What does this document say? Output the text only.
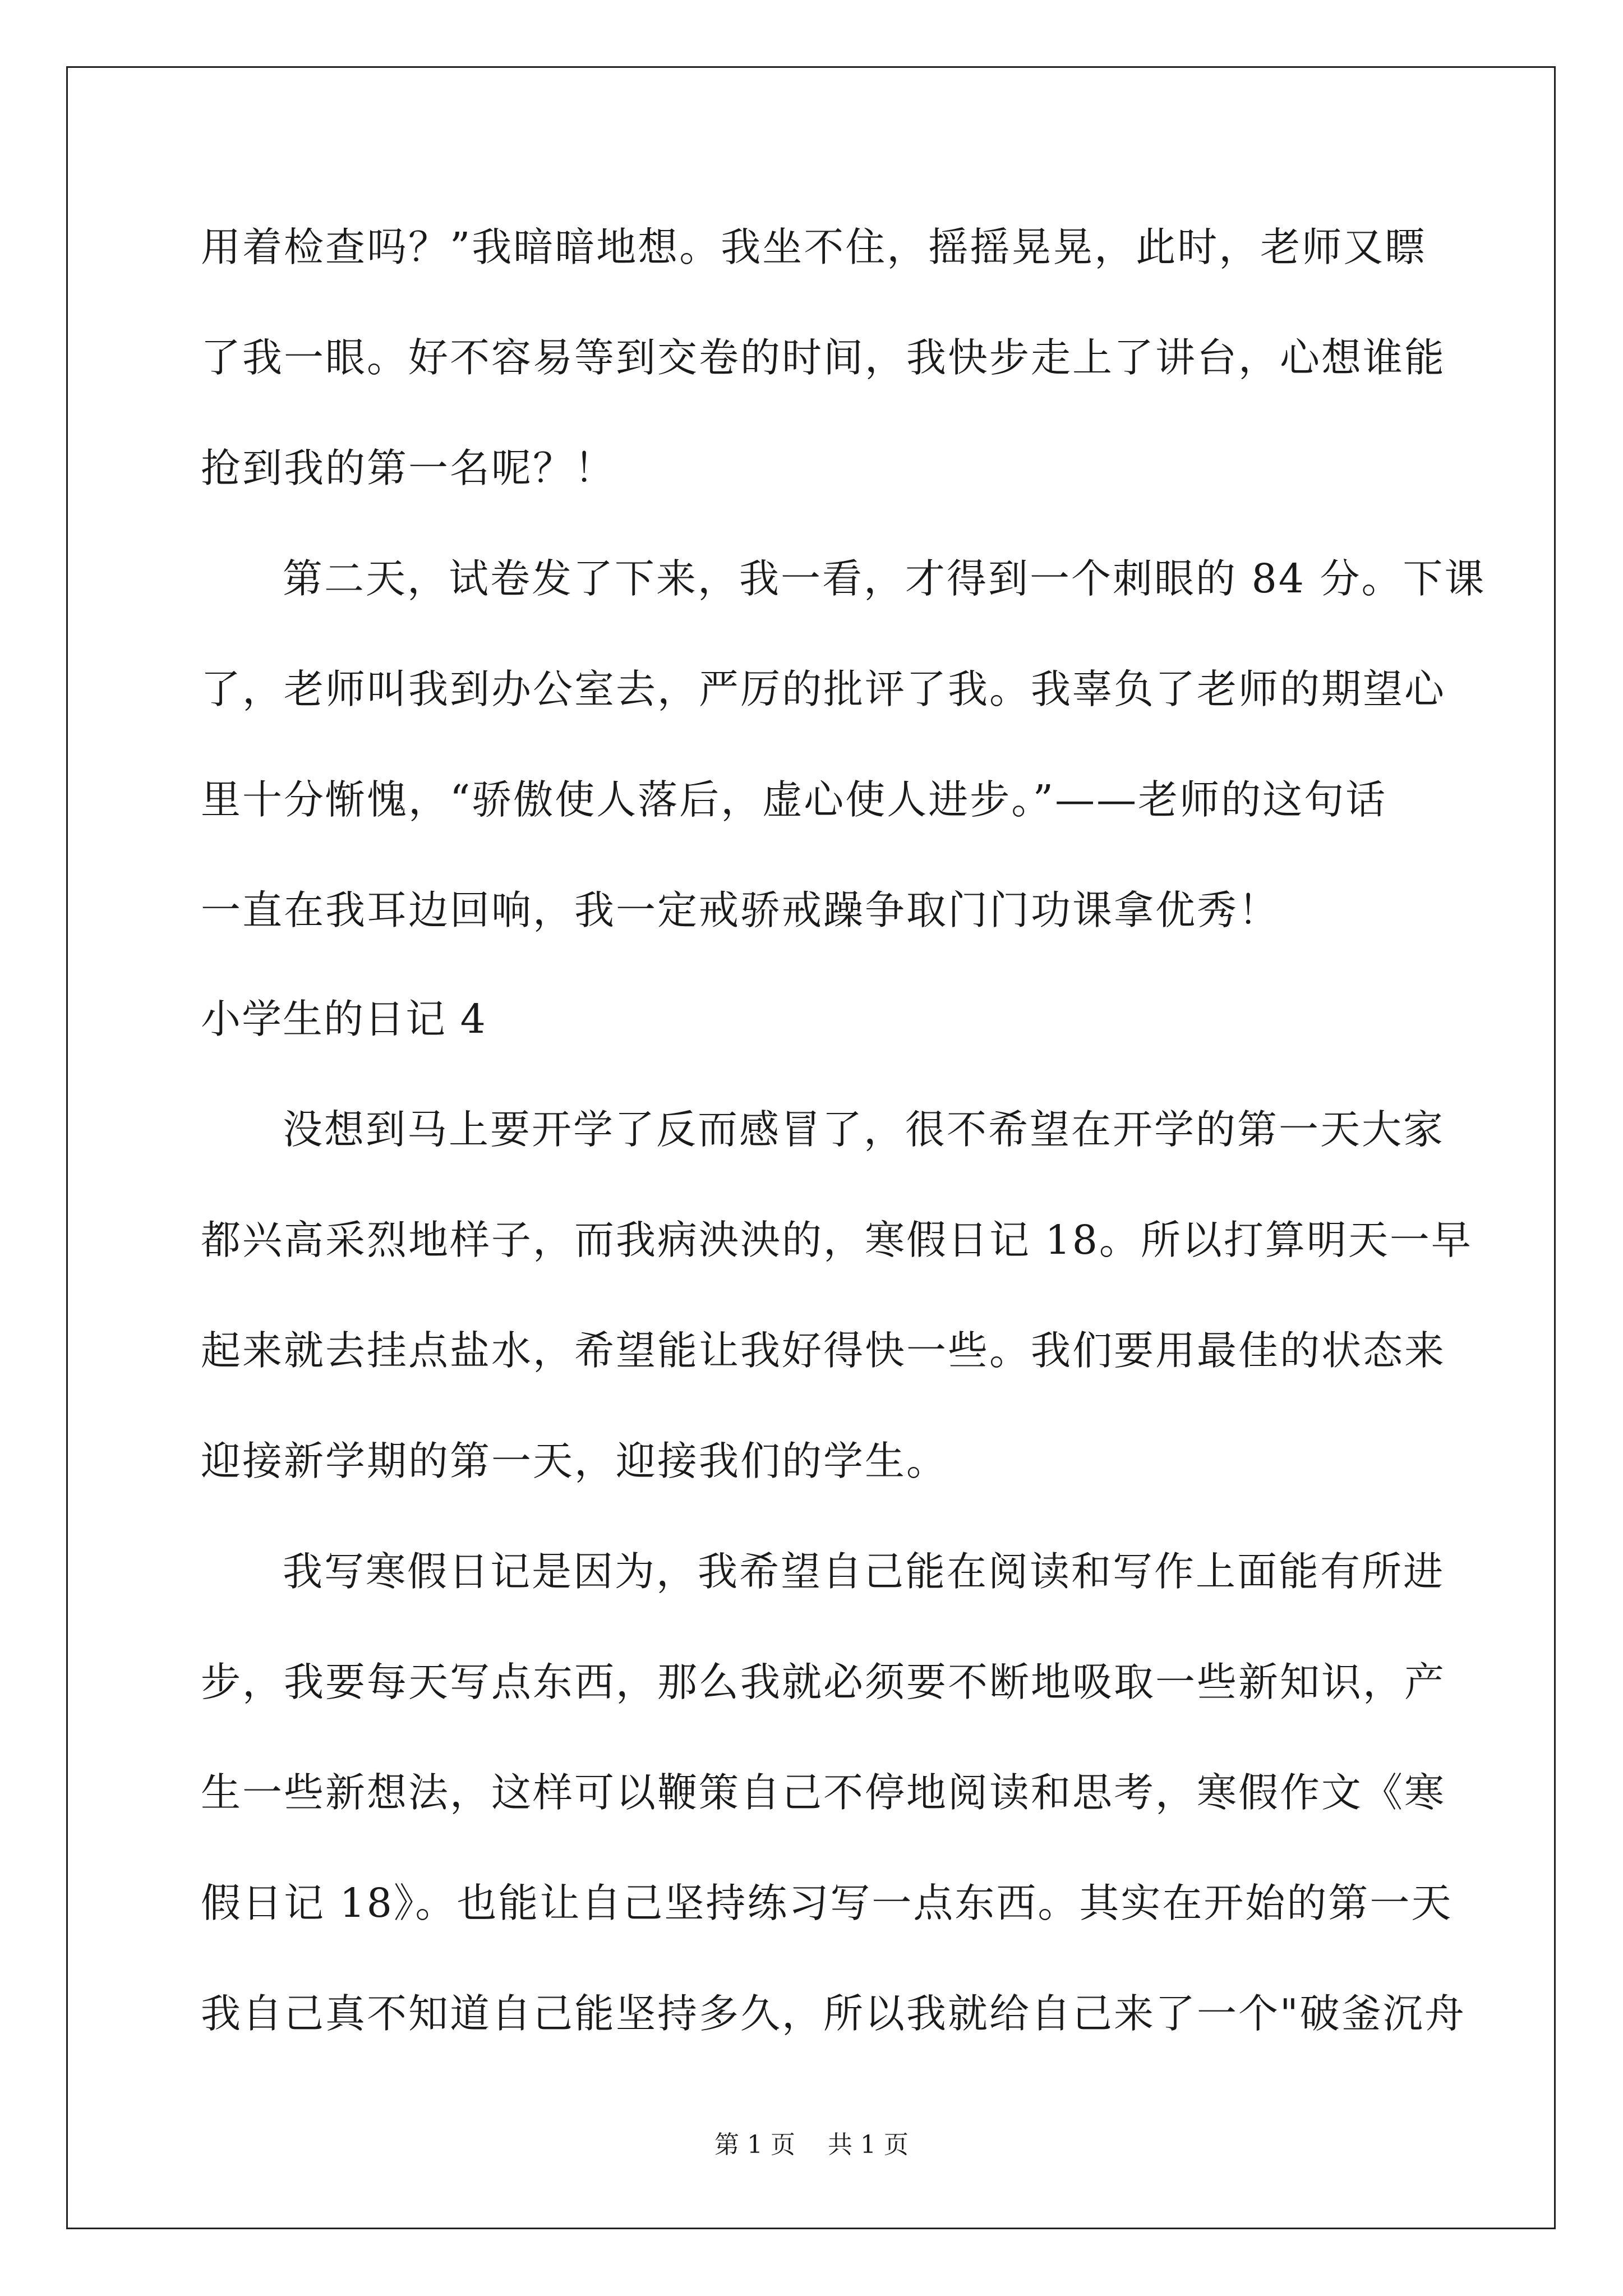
用着检查吗？”我暗暗地想。我坐不住，摇摇晃晃，此时，老师又瞟
了我一眼。好不容易等到交卷的时间，我快步走上了讲台，心想谁能
抢到我的第一名呢？！
第二天，试卷发了下来，我一看，才得到一个刺眼的 84 分。下课
了，老师叫我到办公室去，严厉的批评了我。我辜负了老师的期望心
里十分惭愧，“骄傲使人落后，虚心使人进步。”——老师的这句话
一直在我耳边回响，我一定戒骄戒躁争取门门功课拿优秀！
小学生的日记 4
没想到马上要开学了反而感冒了，很不希望在开学的第一天大家
都兴高采烈地样子，而我病泱泱的，寒假日记 18。所以打算明天一早
起来就去挂点盐水，希望能让我好得快一些。我们要用最佳的状态来
迎接新学期的第一天，迎接我们的学生。
我写寒假日记是因为，我希望自己能在阅读和写作上面能有所进
步，我要每天写点东西，那么我就必须要不断地吸取一些新知识，产
生一些新想法，这样可以鞭策自己不停地阅读和思考，寒假作文《寒
假日记 18》。也能让自己坚持练习写一点东西。其实在开始的第一天
我自己真不知道自己能坚持多久，所以我就给自己来了一个"破釜沉舟
第 1 页 共 1 页
